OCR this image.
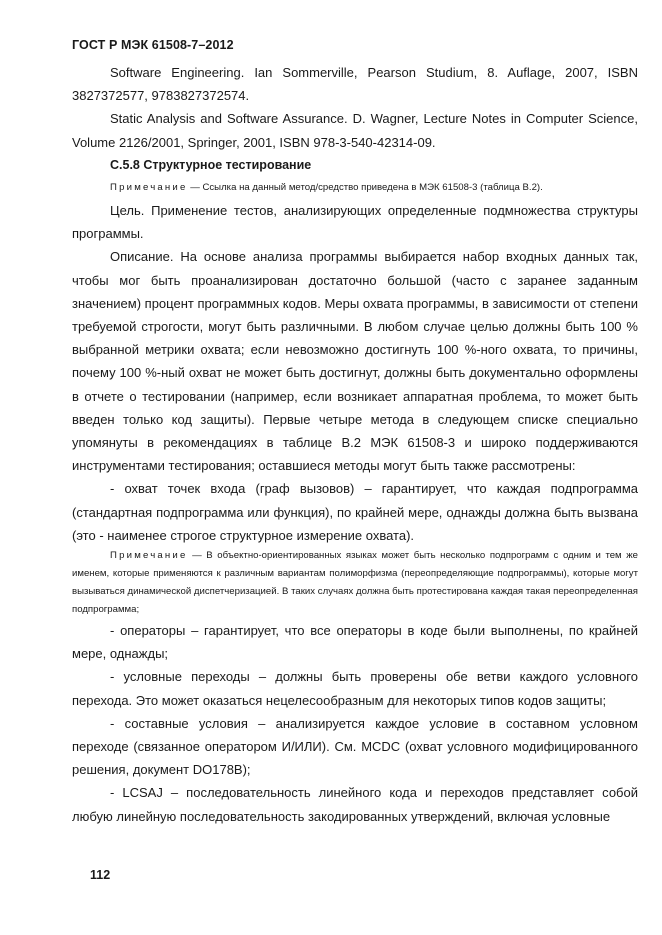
ГОСТ Р МЭК 61508-7–2012

Software Engineering. Ian Sommerville, Pearson Studium, 8. Auflage, 2007, ISBN 3827372577, 9783827372574.

Static Analysis and Software Assurance. D. Wagner, Lecture Notes in Computer Science, Volume 2126/2001, Springer, 2001, ISBN 978-3-540-42314-09.

C.5.8 Структурное тестирование

Примечание — Ссылка на данный метод/средство приведена в МЭК 61508-3 (таблица В.2).

Цель. Применение тестов, анализирующих определенные подмножества структуры программы.

Описание. На основе анализа программы выбирается набор входных данных так, чтобы мог быть проанализирован достаточно большой (часто с заранее заданным значением) процент программных кодов. Меры охвата программы, в зависимости от степени требуемой строгости, могут быть различными. В любом случае целью должны быть 100 % выбранной метрики охвата; если невозможно достигнуть 100 %-ного охвата, то причины, почему 100 %-ный охват не может быть достигнут, должны быть документально оформлены в отчете о тестировании (например, если возникает аппаратная проблема, то может быть введен только код защиты). Первые четыре метода в следующем списке специально упомянуты в рекомендациях в таблице В.2 МЭК 61508-3 и широко поддерживаются инструментами тестирования; оставшиеся методы могут быть также рассмотрены:

- охват точек входа (граф вызовов) – гарантирует, что каждая подпрограмма (стандартная подпрограмма или функция), по крайней мере, однажды должна быть вызвана (это - наименее строгое структурное измерение охвата).

Примечание — В объектно-ориентированных языках может быть несколько подпрограмм с одним и тем же именем, которые применяются к различным вариантам полиморфизма (переопределяющие подпрограммы), которые могут вызываться динамической диспетчеризацией. В таких случаях должна быть протестирована каждая такая переопределенная подпрограмма;

- операторы – гарантирует, что все операторы в коде были выполнены, по крайней мере, однажды;

- условные переходы – должны быть проверены обе ветви каждого условного перехода. Это может оказаться нецелесообразным для некоторых типов кодов защиты;

- составные условия – анализируется каждое условие в составном условном переходе (связанное оператором И/ИЛИ). См. MCDC (охват условного модифицированного решения, документ DO178B);

- LCSAJ – последовательность линейного кода и переходов представляет собой любую линейную последовательность закодированных утверждений, включая условные

112
